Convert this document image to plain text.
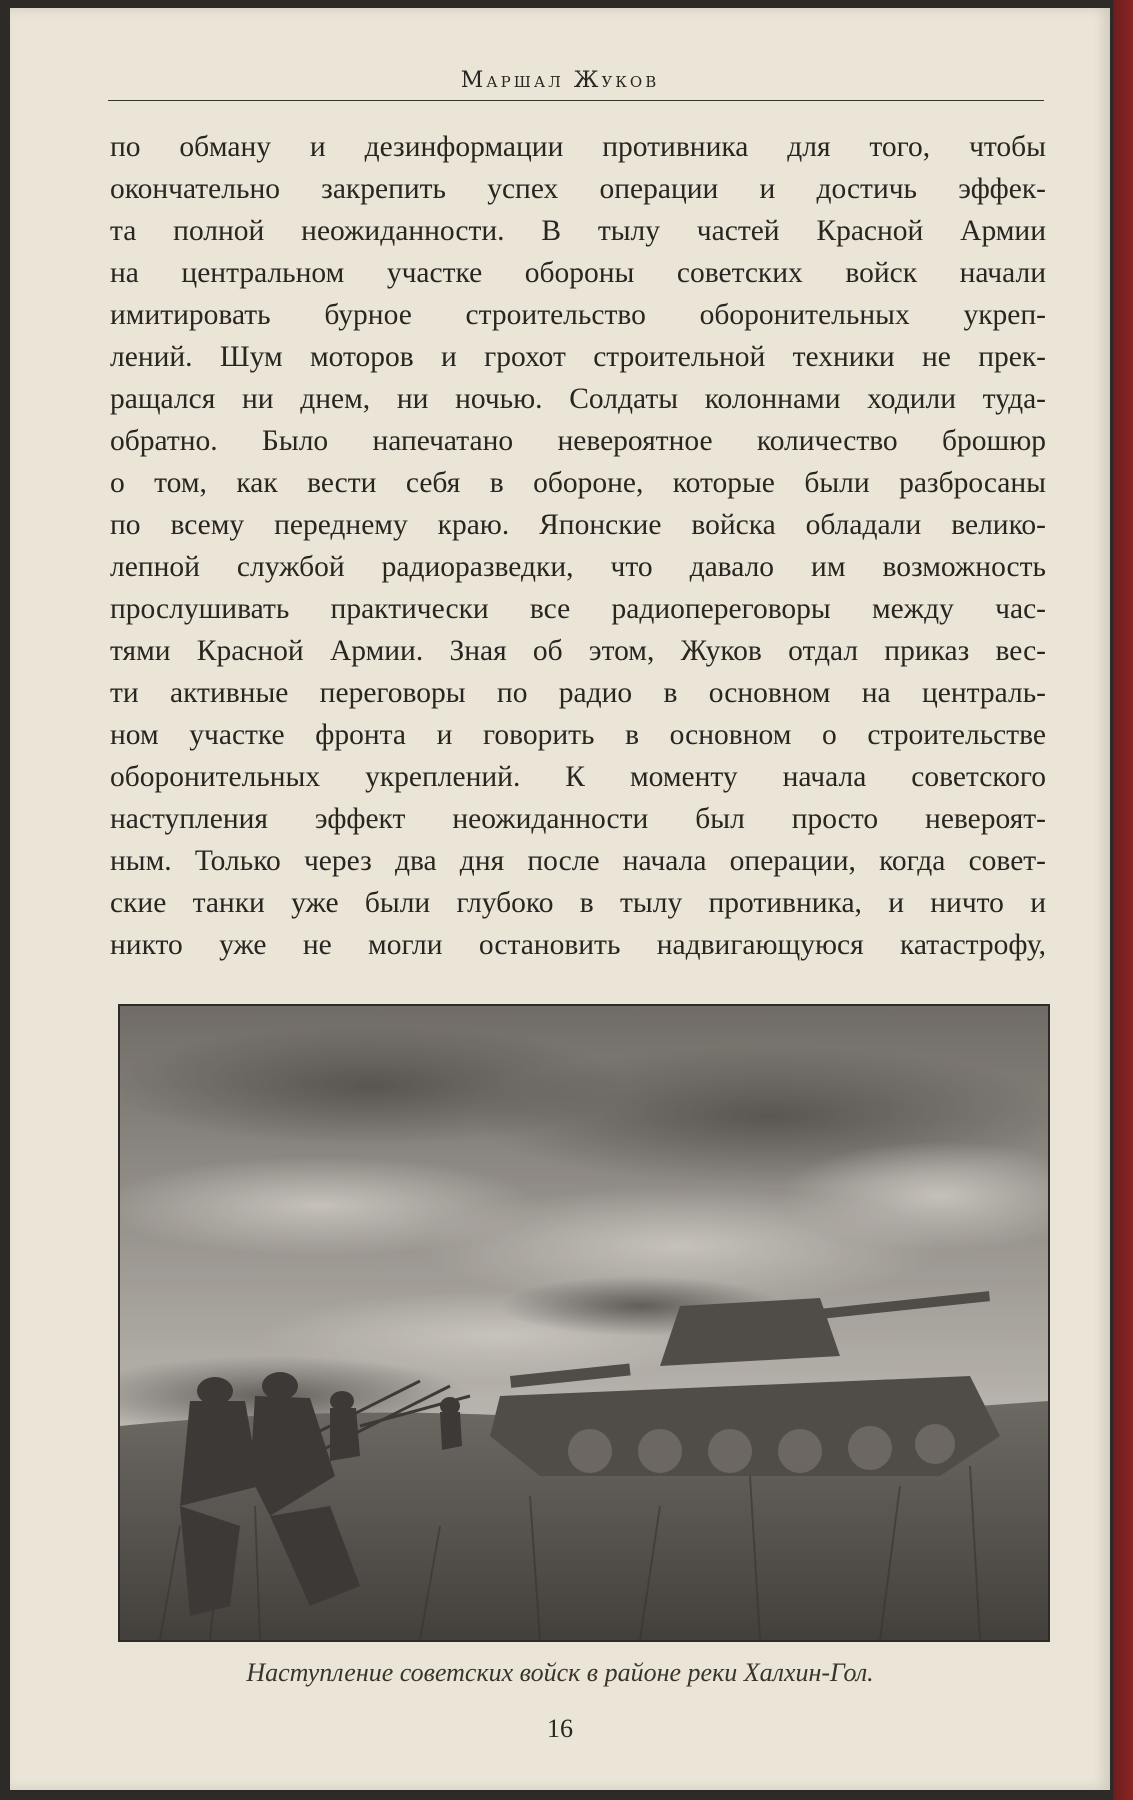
Маршал Жуков
по обману и дезинформации противника для того, чтобы
окончательно закрепить успех операции и достичь эффек-
та полной неожиданности. В тылу частей Красной Армии
на центральном участке обороны советских войск начали
имитировать бурное строительство оборонительных укреп-
лений. Шум моторов и грохот строительной техники не прек-
ращался ни днем, ни ночью. Солдаты колоннами ходили туда-
обратно. Было напечатано невероятное количество брошюр
о том, как вести себя в обороне, которые были разбросаны
по всему переднему краю. Японские войска обладали велико-
лепной службой радиоразведки, что давало им возможность
прослушивать практически все радиопереговоры между час-
тями Красной Армии. Зная об этом, Жуков отдал приказ вес-
ти активные переговоры по радио в основном на централь-
ном участке фронта и говорить в основном о строительстве
оборонительных укреплений. К моменту начала советского
наступления эффект неожиданности был просто невероят-
ным. Только через два дня после начала операции, когда совет-
ские танки уже были глубоко в тылу противника, и ничто и
никто уже не могли остановить надвигающуюся катастрофу,
Наступление советских войск в районе реки Халхин-Гол.
16
